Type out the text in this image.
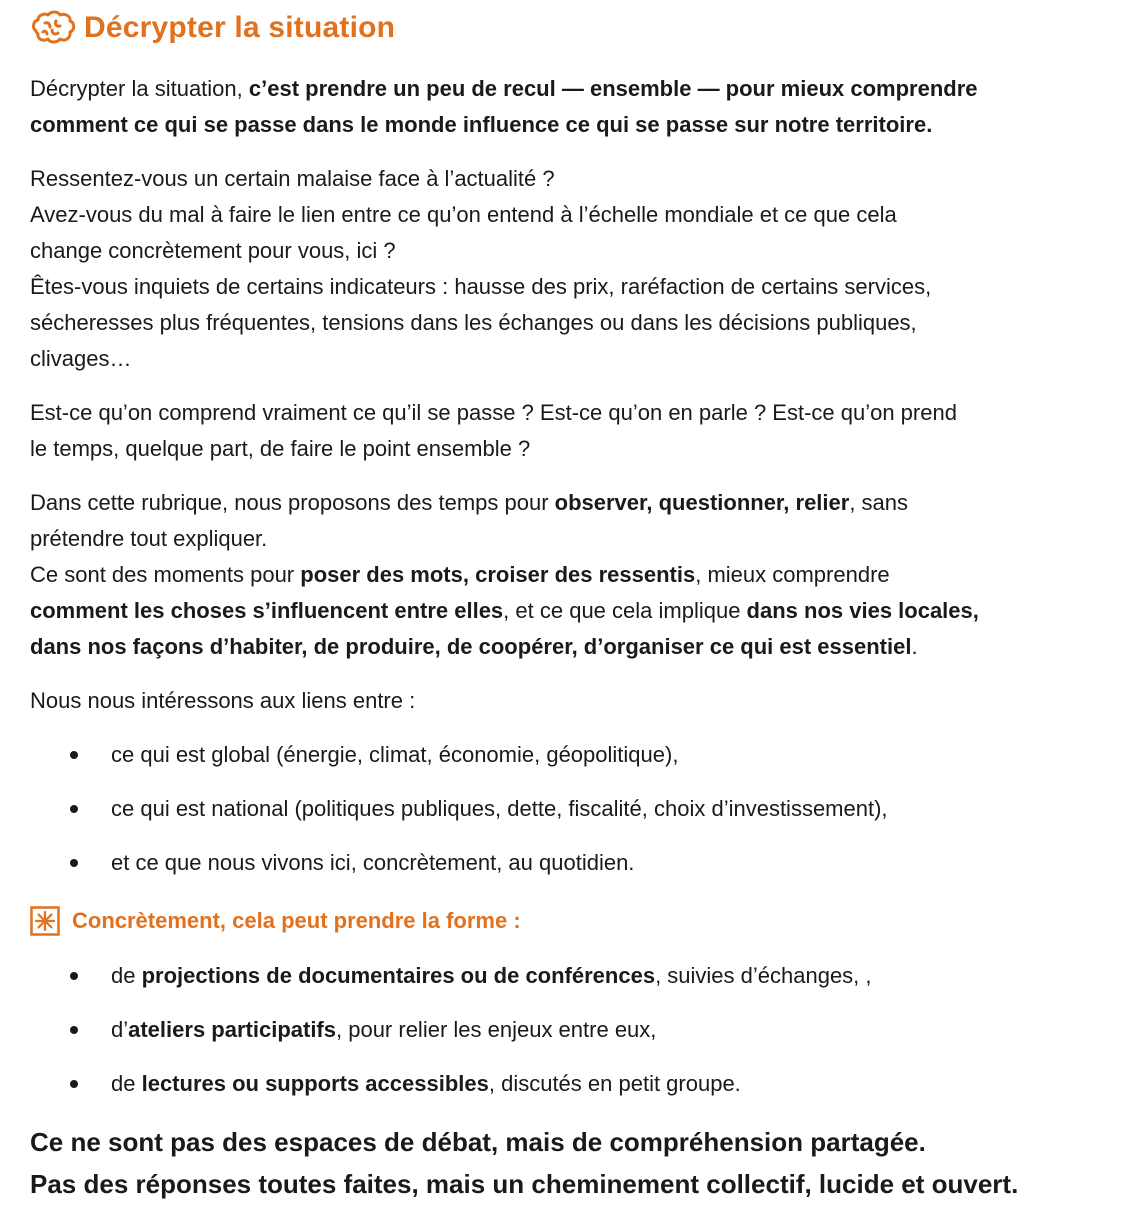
Décrypter la situation

Décrypter la situation, c’est prendre un peu de recul — ensemble — pour mieux comprendre
comment ce qui se passe dans le monde influence ce qui se passe sur notre territoire.

Ressentez-vous un certain malaise face à l’actualité ?
Avez-vous du mal à faire le lien entre ce qu’on entend à l’échelle mondiale et ce que cela
change concrètement pour vous, ici ?
Êtes-vous inquiets de certains indicateurs : hausse des prix, raréfaction de certains services,
sécheresses plus fréquentes, tensions dans les échanges ou dans les décisions publiques,
clivages…

Est-ce qu’on comprend vraiment ce qu’il se passe ? Est-ce qu’on en parle ? Est-ce qu’on prend
le temps, quelque part, de faire le point ensemble ?

Dans cette rubrique, nous proposons des temps pour observer, questionner, relier, sans
prétendre tout expliquer.
Ce sont des moments pour poser des mots, croiser des ressentis, mieux comprendre
comment les choses s’influencent entre elles, et ce que cela implique dans nos vies locales,
dans nos façons d’habiter, de produire, de coopérer, d’organiser ce qui est essentiel.

Nous nous intéressons aux liens entre :

ce qui est global (énergie, climat, économie, géopolitique),
ce qui est national (politiques publiques, dette, fiscalité, choix d’investissement),
et ce que nous vivons ici, concrètement, au quotidien.
Concrètement, cela peut prendre la forme :
de projections de documentaires ou de conférences, suivies d’échanges, ,
d’ateliers participatifs, pour relier les enjeux entre eux,
de lectures ou supports accessibles, discutés en petit groupe.
Ce ne sont pas des espaces de débat, mais de compréhension partagée.
Pas des réponses toutes faites, mais un cheminement collectif, lucide et ouvert.
